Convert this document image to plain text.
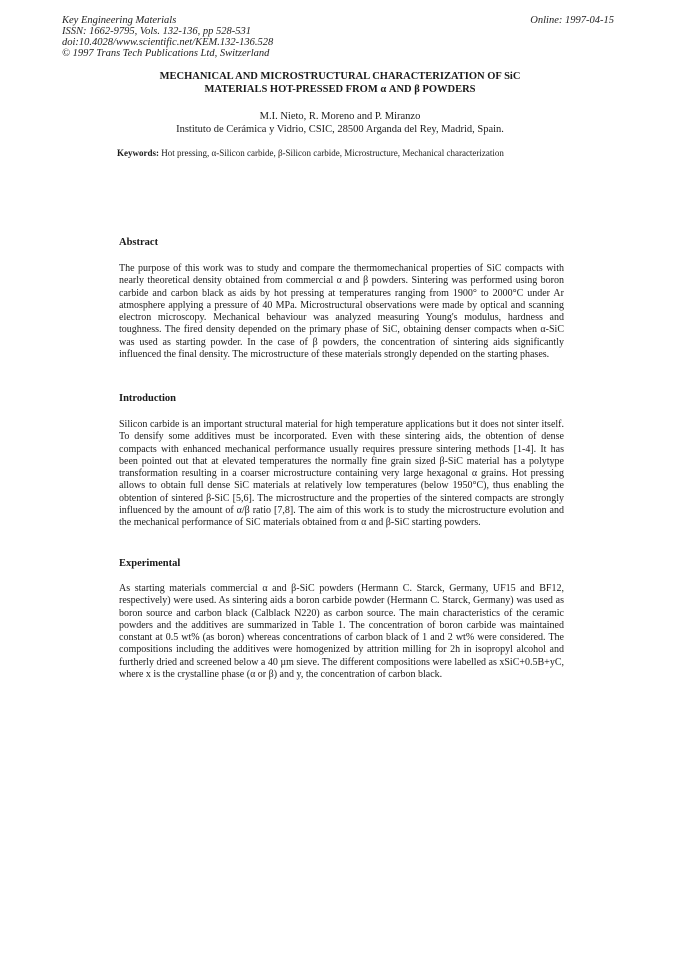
Key Engineering Materials
ISSN: 1662-9795, Vols. 132-136, pp 528-531
doi:10.4028/www.scientific.net/KEM.132-136.528
© 1997 Trans Tech Publications Ltd, Switzerland
Online: 1997-04-15
MECHANICAL AND MICROSTRUCTURAL CHARACTERIZATION OF SiC
MATERIALS HOT-PRESSED FROM α AND β POWDERS
M.I. Nieto, R. Moreno and P. Miranzo
Instituto de Cerámica y Vidrio, CSIC, 28500 Arganda del Rey, Madrid, Spain.
Keywords: Hot pressing, α-Silicon carbide, β-Silicon carbide, Microstructure, Mechanical characterization
Abstract

The purpose of this work was to study and compare the thermomechanical properties of SiC compacts with nearly theoretical density obtained from commercial α and β powders. Sintering was performed using boron carbide and carbon black as aids by hot pressing at temperatures ranging from 1900° to 2000°C under Ar atmosphere applying a pressure of 40 MPa. Microstructural observations were made by optical and scanning electron microscopy. Mechanical behaviour was analyzed measuring Young's modulus, hardness and toughness. The fired density depended on the primary phase of SiC, obtaining denser compacts when α-SiC was used as starting powder. In the case of β powders, the concentration of sintering aids significantly influenced the final density. The microstructure of these materials strongly depended on the starting phases.

Introduction

Silicon carbide is an important structural material for high temperature applications but it does not sinter itself. To densify some additives must be incorporated. Even with these sintering aids, the obtention of dense compacts with enhanced mechanical performance usually requires pressure sintering methods [1-4]. It has been pointed out that at elevated temperatures the normally fine grain sized β-SiC material has a polytype transformation resulting in a coarser microstructure containing very large hexagonal α grains. Hot pressing allows to obtain full dense SiC materials at relatively low temperatures (below 1950°C), thus enabling the obtention of sintered β-SiC [5,6]. The microstructure and the properties of the sintered compacts are strongly influenced by the amount of α/β ratio [7,8]. The aim of this work is to study the microstructure evolution and the mechanical performance of SiC materials obtained from α and β-SiC starting powders.

Experimental

As starting materials commercial α and β-SiC powders (Hermann C. Starck, Germany, UF15 and BF12, respectively) were used. As sintering aids a boron carbide powder (Hermann C. Starck, Germany) was used as boron source and carbon black (Calblack N220) as carbon source. The main characteristics of the ceramic powders and the additives are summarized in Table 1. The concentration of boron carbide was maintained constant at 0.5 wt% (as boron) whereas concentrations of carbon black of 1 and 2 wt% were considered. The compositions including the additives were homogenized by attrition milling for 2h in isopropyl alcohol and furtherly dried and screened below a 40 µm sieve. The different compositions were labelled as xSiC+0.5B+yC, where x is the crystalline phase (α or β) and y, the concentration of carbon black.
